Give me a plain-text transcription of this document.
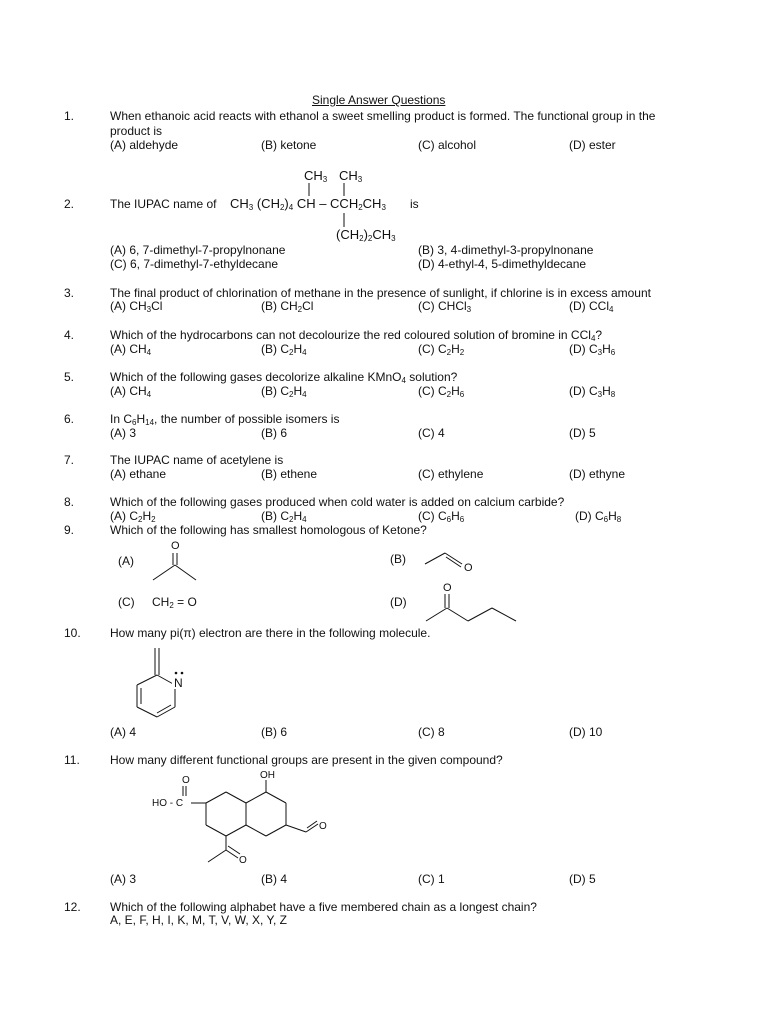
Single Answer Questions
1.	When ethanoic acid reacts with ethanol a sweet smelling product is formed. The functional group in the
product is
(A) aldehyde	(B) ketone	(C) alcohol	(D) ester
2.	The IUPAC name of $CH_3$ $(CH_2)_4$ CH – $CCH_2CH_3$ is
$CH_3$ $CH_3$
$(CH_2)_2CH_3$
(A) 6, 7-dimethyl-7-propylnonane	(B) 3, 4-dimethyl-3-propylnonane
(C) 6, 7-dimethyl-7-ethyldecane	(D) 4-ethyl-4, 5-dimethyldecane
3.	The final product of chlorination of methane in the presence of sunlight, if chlorine is in excess amount
(A) $CH_3Cl$	(B) $CH_2Cl$	(C) CHCl$_3$	(D) CCl$_4$
4.	Which of the hydrocarbons can not decolourize the red coloured solution of bromine in CCl$_4$?
(A) $CH_4$	(B) $C_2H_4$	(C) $C_2H_2$	(D) $C_3H_6$
5.	Which of the following gases decolorize alkaline KMnO$_4$ solution?
(A) $CH_4$	(B) $C_2H_4$	(C) $C_2H_6$	(D) $C_3H_8$
6.	In $C_6H_{14}$, the number of possible isomers is
(A) 3	(B) 6	(C) 4	(D) 5
7.	The IUPAC name of acetylene is
(A) ethane	(B) ethene	(C) ethylene	(D) ethyne
8.	Which of the following gases produced when cold water is added on calcium carbide?
(A) $C_2H_2$	(B) $C_2H_4$	(C) $C_6H_6$	(D) $C_6H_8$
9.	Which of the following has smallest homologous of Ketone?
(A)
O
(B)
O
(C) $CH_2 = O$	(D)
O
10. How many pi(π) electron are there in the following molecule.
N
(A) 4	(B) 6	(C) 8	(D) 10
11.	How many different functional groups are present in the given compound?
O
HO - C
OH
O
O
(A) 3	(B) 4	(C) 1	(D) 5
12. Which of the following alphabet have a five membered chain as a longest chain?
A, E, F, H, I, K, M, T, V, W, X, Y, Z
